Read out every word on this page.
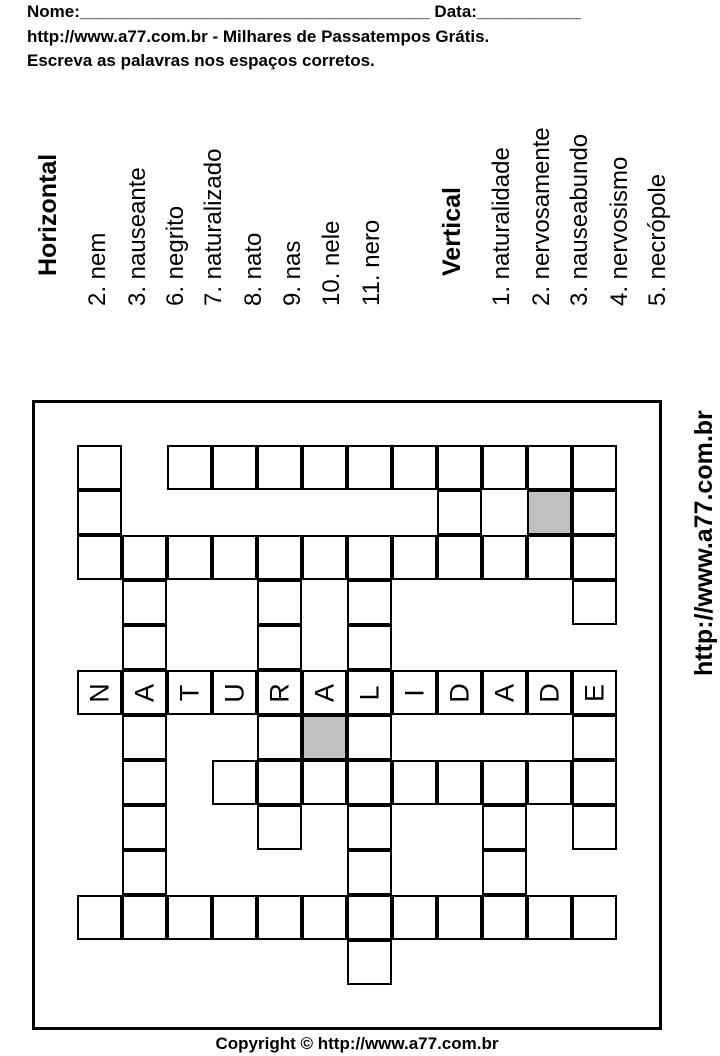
Nome:_____________________________________ Data:___________
http://www.a77.com.br - Milhares de Passatempos Grátis.
Escreva as palavras nos espaços corretos.
Horizontal 2. nem 3. nauseante 6. negrito 7. naturalizado 8. nato 9. nas 10. nele 11. nero Vertical 1. naturalidade 2. nervosamente 3. nauseabundo 4. nervosismo 5. necrópole
N A T U R A L I D A D E
http://www.a77.com.br
Copyright © http://www.a77.com.br
